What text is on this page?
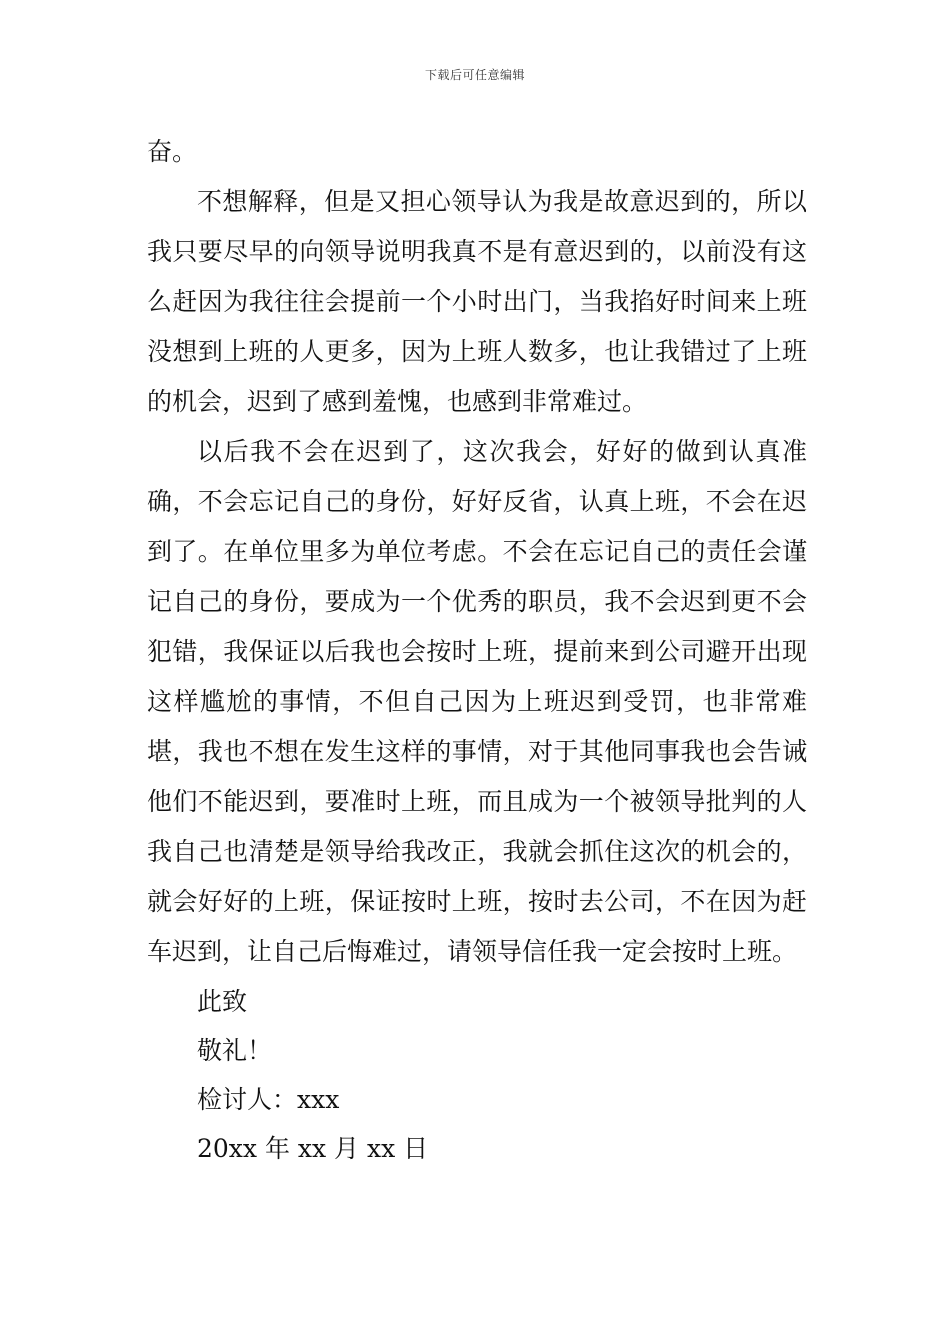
下载后可任意编辑

奋。

不想解释，但是又担心领导认为我是故意迟到的，所以我只要尽早的向领导说明我真不是有意迟到的，以前没有这么赶因为我往往会提前一个小时出门，当我掐好时间来上班没想到上班的人更多，因为上班人数多，也让我错过了上班的机会，迟到了感到羞愧，也感到非常难过。

以后我不会在迟到了，这次我会，好好的做到认真准确，不会忘记自己的身份，好好反省，认真上班，不会在迟到了。在单位里多为单位考虑。不会在忘记自己的责任会谨记自己的身份，要成为一个优秀的职员，我不会迟到更不会犯错，我保证以后我也会按时上班，提前来到公司避开出现这样尴尬的事情，不但自己因为上班迟到受罚，也非常难堪，我也不想在发生这样的事情，对于其他同事我也会告诫他们不能迟到，要准时上班，而且成为一个被领导批判的人我自己也清楚是领导给我改正，我就会抓住这次的机会的，就会好好的上班，保证按时上班，按时去公司，不在因为赶车迟到，让自己后悔难过，请领导信任我一定会按时上班。

此致
敬礼！
检讨人：xxx
20xx 年 xx 月 xx 日
